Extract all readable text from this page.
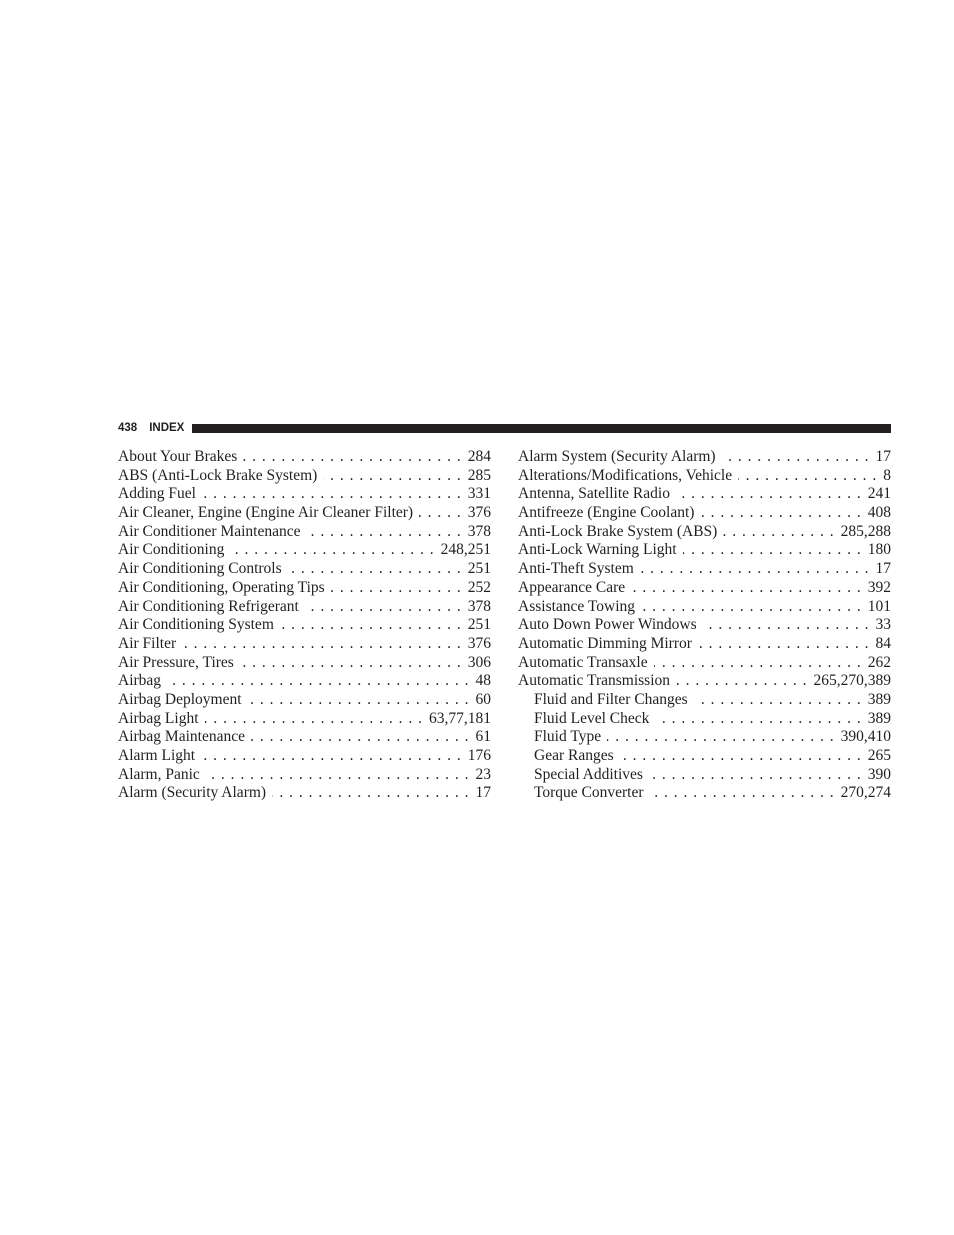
438 INDEX
About Your Brakes . . .	284
ABS (Anti-Lock Brake System) . . .	285
Adding Fuel . . .	331
Air Cleaner, Engine (Engine Air Cleaner Filter) . . .	376
Air Conditioner Maintenance . . .	378
Air Conditioning . . .	248,251
Air Conditioning Controls . . .	251
Air Conditioning, Operating Tips . . .	252
Air Conditioning Refrigerant . . .	378
Air Conditioning System . . .	251
Air Filter . . .	376
Air Pressure, Tires . . .	306
Airbag . . .	48
Airbag Deployment . . .	60
Airbag Light . . .	63,77,181
Airbag Maintenance . . .	61
Alarm Light . . .	176
Alarm, Panic . . .	23
Alarm (Security Alarm) . . .	17
Alarm System (Security Alarm) . . .	17
Alterations/Modifications, Vehicle . . .	8
Antenna, Satellite Radio . . .	241
Antifreeze (Engine Coolant) . . .	408
Anti-Lock Brake System (ABS) . . .	285,288
Anti-Lock Warning Light . . .	180
Anti-Theft System . . .	17
Appearance Care . . .	392
Assistance Towing . . .	101
Auto Down Power Windows . . .	33
Automatic Dimming Mirror . . .	84
Automatic Transaxle . . .	262
Automatic Transmission . . .	265,270,389
Fluid and Filter Changes . . .	389
Fluid Level Check . . .	389
Fluid Type . . .	390,410
Gear Ranges . . .	265
Special Additives . . .	390
Torque Converter . . .	270,274
